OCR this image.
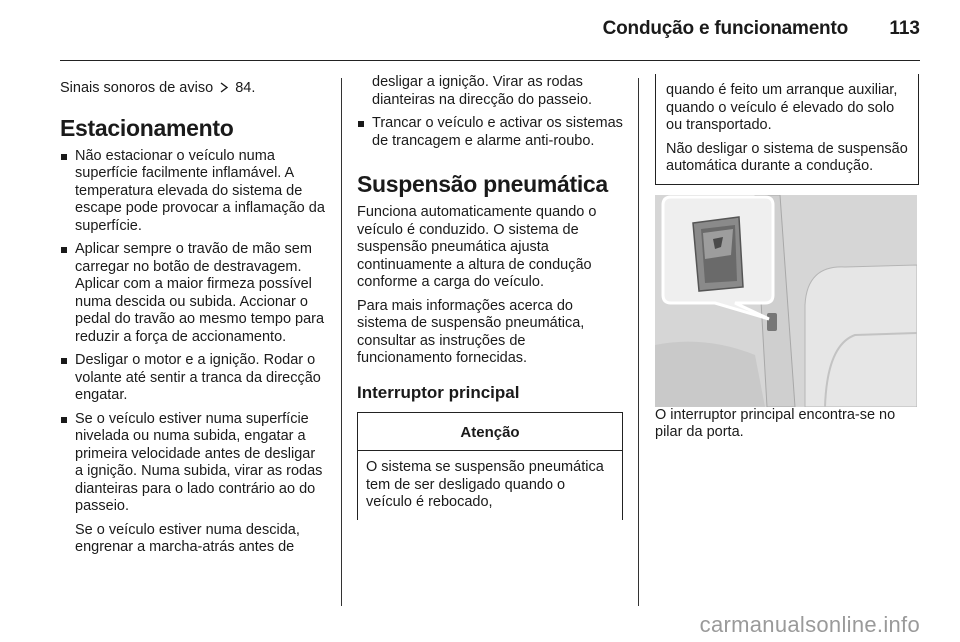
Condução e funcionamento 113

Sinais sonoros de aviso 84.

Estacionamento
Não estacionar o veículo numa superfície facilmente inflamável. A temperatura elevada do sistema de escape pode provocar a inflamação da superfície.
Aplicar sempre o travão de mão sem carregar no botão de destravagem. Aplicar com a maior firmeza possível numa descida ou subida. Accionar o pedal do travão ao mesmo tempo para reduzir a força de accionamento.
Desligar o motor e a ignição. Rodar o volante até sentir a tranca da direcção engatar.
Se o veículo estiver numa superfície nivelada ou numa subida, engatar a primeira velocidade antes de desligar a ignição. Numa subida, virar as rodas dianteiras para o lado contrário ao do passeio.

Se o veículo estiver numa descida, engrenar a marcha-atrás antes de

desligar a ignição. Virar as rodas dianteiras na direcção do passeio.

Trancar o veículo e activar os sistemas de trancagem e alarme anti-roubo.
Suspensão pneumática

Funciona automaticamente quando o veículo é conduzido. O sistema de suspensão pneumática ajusta continuamente a altura de condução conforme a carga do veículo.

Para mais informações acerca do sistema de suspensão pneumática, consultar as instruções de funcionamento fornecidas.

Interruptor principal
Atenção
O sistema se suspensão pneumática tem de ser desligado quando o veículo é rebocado,

quando é feito um arranque auxiliar, quando o veículo é elevado do solo ou transportado.

Não desligar o sistema de suspensão automática durante a condução.

O interruptor principal encontra-se no pilar da porta.

carmanualsonline.info
